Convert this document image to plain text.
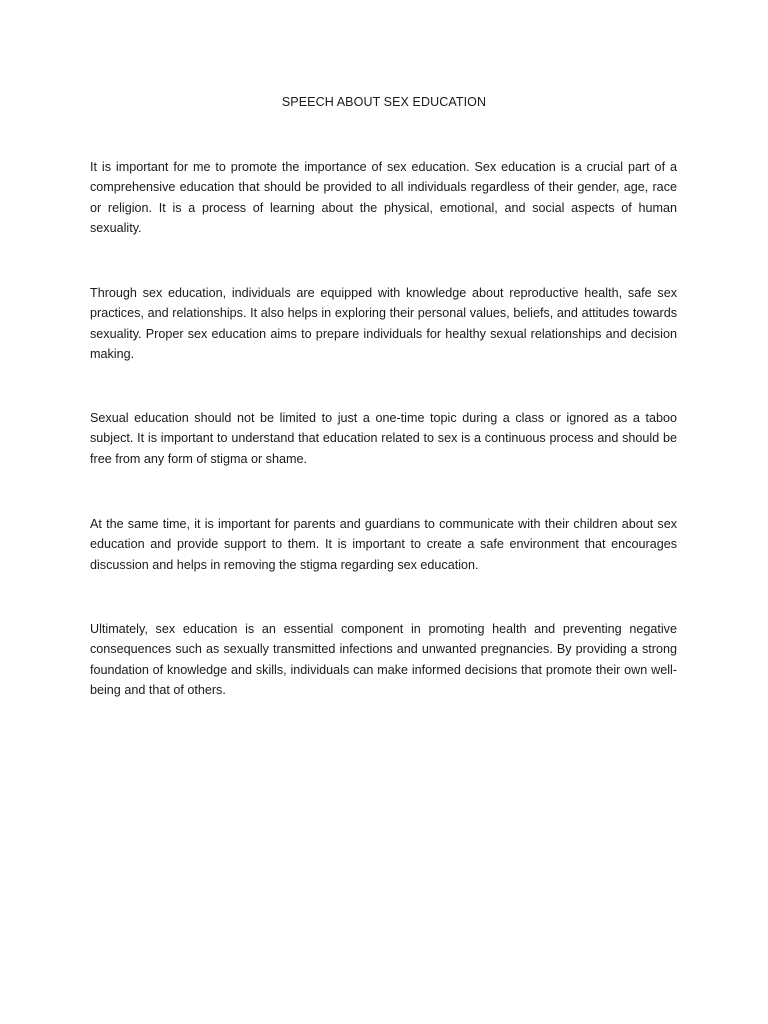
SPEECH ABOUT SEX EDUCATION

It is important for me to promote the importance of sex education. Sex education is a crucial part of a comprehensive education that should be provided to all individuals regardless of their gender, age, race or religion. It is a process of learning about the physical, emotional, and social aspects of human sexuality.

Through sex education, individuals are equipped with knowledge about reproductive health, safe sex practices, and relationships. It also helps in exploring their personal values, beliefs, and attitudes towards sexuality. Proper sex education aims to prepare individuals for healthy sexual relationships and decision making.

Sexual education should not be limited to just a one-time topic during a class or ignored as a taboo subject. It is important to understand that education related to sex is a continuous process and should be free from any form of stigma or shame.

At the same time, it is important for parents and guardians to communicate with their children about sex education and provide support to them. It is important to create a safe environment that encourages discussion and helps in removing the stigma regarding sex education.

Ultimately, sex education is an essential component in promoting health and preventing negative consequences such as sexually transmitted infections and unwanted pregnancies. By providing a strong foundation of knowledge and skills, individuals can make informed decisions that promote their own well-being and that of others.
